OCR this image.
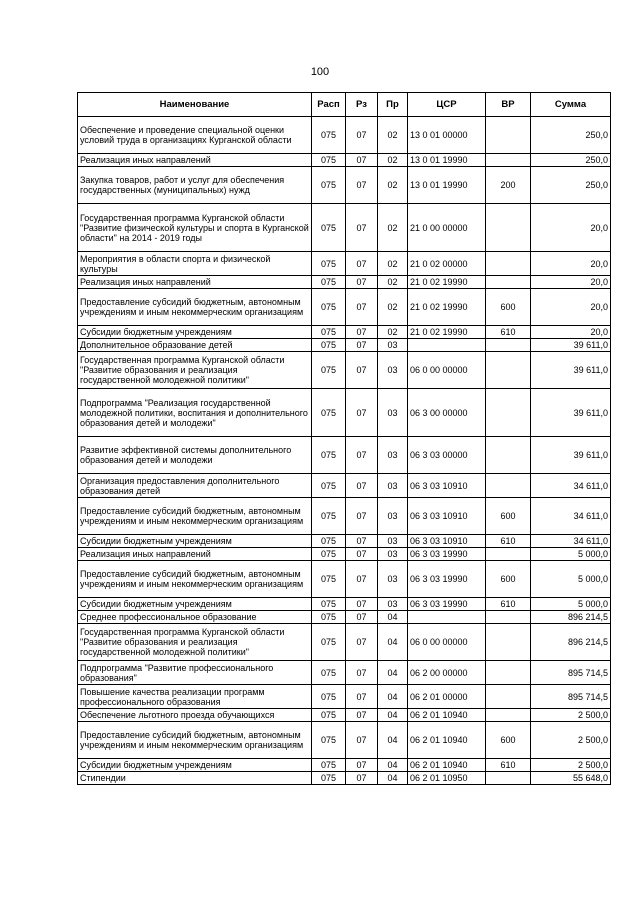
100
Наименование	Расп	Рз	Пр	ЦСР	ВР	Сумма
Обеспечение и проведение специальной оценки условий труда в организациях Курганской области	075	07	02	13 0 01 00000		250,0
Реализация иных направлений	075	07	02	13 0 01 19990		250,0
Закупка товаров, работ и услуг для обеспечения государственных (муниципальных) нужд	075	07	02	13 0 01 19990	200	250,0
Государственная программа Курганской области "Развитие физической культуры и спорта в Курганской области" на 2014 - 2019 годы	075	07	02	21 0 00 00000		20,0
Мероприятия в области спорта и физической культуры	075	07	02	21 0 02 00000		20,0
Реализация иных направлений	075	07	02	21 0 02 19990		20,0
Предоставление субсидий бюджетным, автономным учреждениям и иным некоммерческим организациям	075	07	02	21 0 02 19990	600	20,0
Субсидии бюджетным учреждениям	075	07	02	21 0 02 19990	610	20,0
Дополнительное образование детей	075	07	03			39 611,0
Государственная программа Курганской области "Развитие образования и реализация государственной молодежной политики"	075	07	03	06 0 00 00000		39 611,0
Подпрограмма "Реализация государственной молодежной политики, воспитания и дополнительного образования детей и молодежи"	075	07	03	06 3 00 00000		39 611,0
Развитие эффективной системы дополнительного образования детей и молодежи	075	07	03	06 3 03 00000		39 611,0
Организация предоставления дополнительного образования детей	075	07	03	06 3 03 10910		34 611,0
Предоставление субсидий бюджетным, автономным учреждениям и иным некоммерческим организациям	075	07	03	06 3 03 10910	600	34 611,0
Субсидии бюджетным учреждениям	075	07	03	06 3 03 10910	610	34 611,0
Реализация иных направлений	075	07	03	06 3 03 19990		5 000,0
Предоставление субсидий бюджетным, автономным учреждениям и иным некоммерческим организациям	075	07	03	06 3 03 19990	600	5 000,0
Субсидии бюджетным учреждениям	075	07	03	06 3 03 19990	610	5 000,0
Среднее профессиональное образование	075	07	04			896 214,5
Государственная программа Курганской области "Развитие образования и реализация государственной молодежной политики"	075	07	04	06 0 00 00000		896 214,5
Подпрограмма "Развитие профессионального образования"	075	07	04	06 2 00 00000		895 714,5
Повышение качества реализации программ профессионального образования	075	07	04	06 2 01 00000		895 714,5
Обеспечение льготного проезда обучающихся	075	07	04	06 2 01 10940		2 500,0
Предоставление субсидий бюджетным, автономным учреждениям и иным некоммерческим организациям	075	07	04	06 2 01 10940	600	2 500,0
Субсидии бюджетным учреждениям	075	07	04	06 2 01 10940	610	2 500,0
Стипендии	075	07	04	06 2 01 10950		55 648,0
